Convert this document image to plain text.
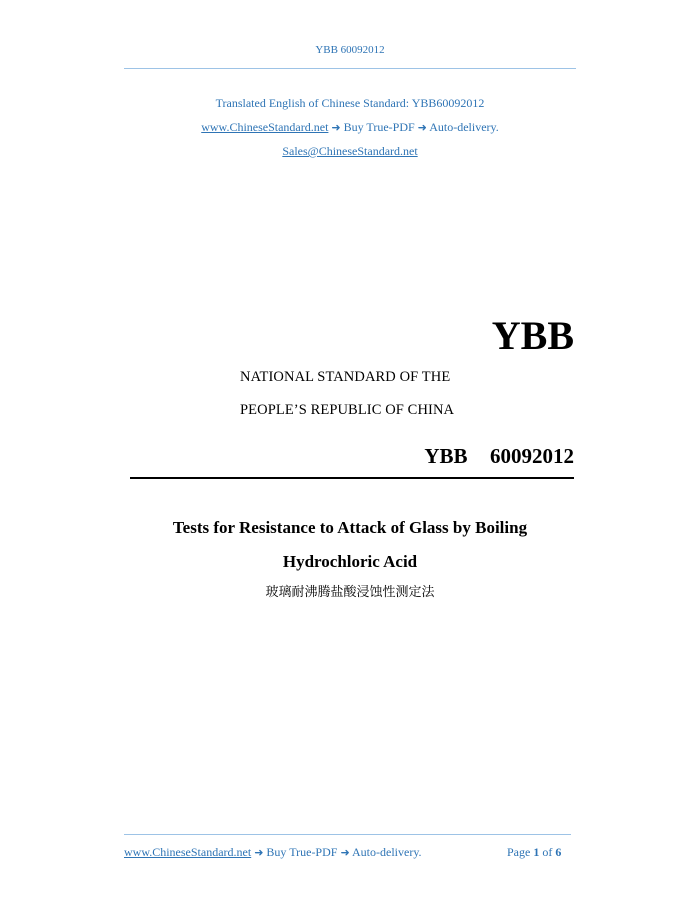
YBB 60092012
Translated English of Chinese Standard: YBB60092012
www.ChineseStandard.net ➜ Buy True-PDF ➜ Auto-delivery.
Sales@ChineseStandard.net
YBB
NATIONAL STANDARD OF THE
PEOPLE’S REPUBLIC OF CHINA
YBB  60092012
Tests for Resistance to Attack of Glass by Boiling
Hydrochloric Acid
玻璃耐沸腾盐酸浸蚀性测定法
www.ChineseStandard.net ➜ Buy True-PDF ➜ Auto-delivery.	Page 1 of 6
